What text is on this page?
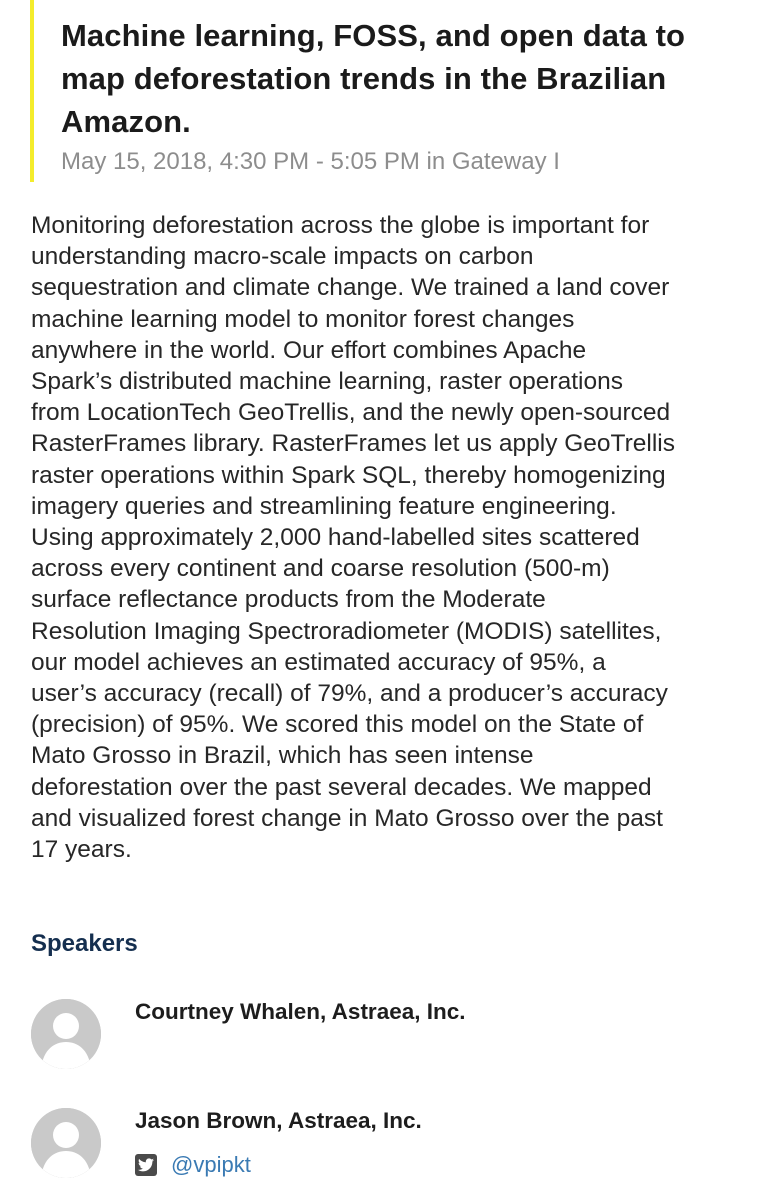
Machine learning, FOSS, and open data to
map deforestation trends in the Brazilian
Amazon.
May 15, 2018, 4:30 PM - 5:05 PM in Gateway I
Monitoring deforestation across the globe is important for
understanding macro-scale impacts on carbon
sequestration and climate change. We trained a land cover
machine learning model to monitor forest changes
anywhere in the world. Our effort combines Apache
Spark’s distributed machine learning, raster operations
from LocationTech GeoTrellis, and the newly open-sourced
RasterFrames library. RasterFrames let us apply GeoTrellis
raster operations within Spark SQL, thereby homogenizing
imagery queries and streamlining feature engineering.
Using approximately 2,000 hand-labelled sites scattered
across every continent and coarse resolution (500-m)
surface reflectance products from the Moderate
Resolution Imaging Spectroradiometer (MODIS) satellites,
our model achieves an estimated accuracy of 95%, a
user’s accuracy (recall) of 79%, and a producer’s accuracy
(precision) of 95%. We scored this model on the State of
Mato Grosso in Brazil, which has seen intense
deforestation over the past several decades. We mapped
and visualized forest change in Mato Grosso over the past
17 years.
Speakers
Courtney Whalen, Astraea, Inc.
Jason Brown, Astraea, Inc.
@vpipkt
